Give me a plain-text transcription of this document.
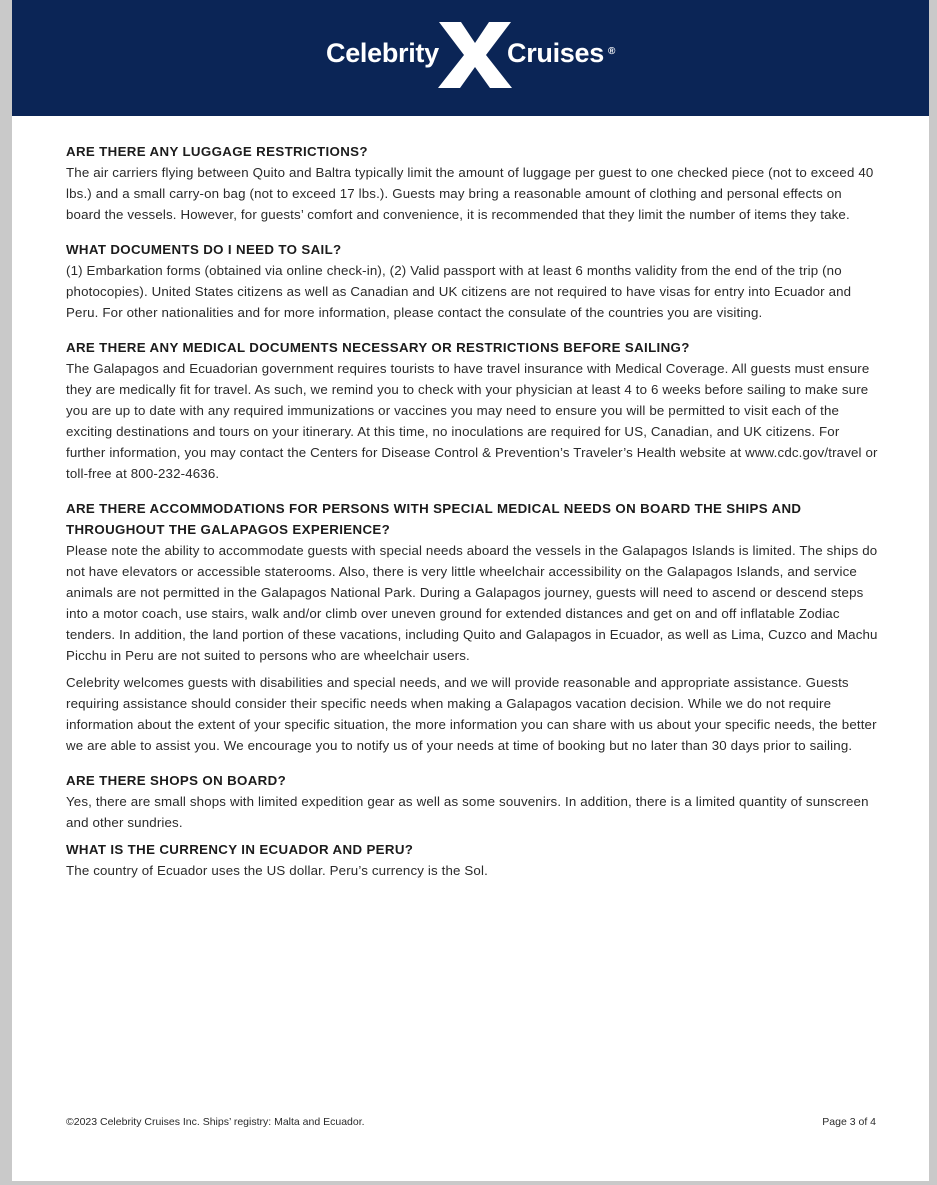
Celebrity	Cruises ®

ARE THERE ANY LUGGAGE RESTRICTIONS?

The air carriers flying between Quito and Baltra typically limit the amount of luggage per guest to one checked piece (not to exceed 40 lbs.) and a small carry-on bag (not to exceed 17 lbs.). Guests may bring a reasonable amount of clothing and personal effects on board the vessels. However, for guests’ comfort and convenience, it is recommended that they limit the number of items they take.

WHAT DOCUMENTS DO I NEED TO SAIL?

(1) Embarkation forms (obtained via online check-in), (2) Valid passport with at least 6 months validity from the end of the trip (no photocopies). United States citizens as well as Canadian and UK citizens are not required to have visas for entry into Ecuador and Peru. For other nationalities and for more information, please contact the consulate of the countries you are visiting.

ARE THERE ANY MEDICAL DOCUMENTS NECESSARY OR RESTRICTIONS BEFORE SAILING?

The Galapagos and Ecuadorian government requires tourists to have travel insurance with Medical Coverage. All guests must ensure they are medically fit for travel. As such, we remind you to check with your physician at least 4 to 6 weeks before sailing to make sure you are up to date with any required immunizations or vaccines you may need to ensure you will be permitted to visit each of the exciting destinations and tours on your itinerary. At this time, no inoculations are required for US, Canadian, and UK citizens. For further information, you may contact the Centers for Disease Control & Prevention’s Traveler’s Health website at www.cdc.gov/travel or toll-free at 800-232-4636.

ARE THERE ACCOMMODATIONS FOR PERSONS WITH SPECIAL MEDICAL NEEDS ON BOARD THE SHIPS AND THROUGHOUT THE GALAPAGOS EXPERIENCE?

Please note the ability to accommodate guests with special needs aboard the vessels in the Galapagos Islands is limited. The ships do not have elevators or accessible staterooms. Also, there is very little wheelchair accessibility on the Galapagos Islands, and service animals are not permitted in the Galapagos National Park. During a Galapagos journey, guests will need to ascend or descend steps into a motor coach, use stairs, walk and/or climb over uneven ground for extended distances and get on and off inflatable Zodiac tenders. In addition, the land portion of these vacations, including Quito and Galapagos in Ecuador, as well as Lima, Cuzco and Machu Picchu in Peru are not suited to persons who are wheelchair users.

Celebrity welcomes guests with disabilities and special needs, and we will provide reasonable and appropriate assistance. Guests requiring assistance should consider their specific needs when making a Galapagos vacation decision. While we do not require information about the extent of your specific situation, the more information you can share with us about your specific needs, the better we are able to assist you. We encourage you to notify us of your needs at time of booking but no later than 30 days prior to sailing.

ARE THERE SHOPS ON BOARD?

Yes, there are small shops with limited expedition gear as well as some souvenirs. In addition, there is a limited quantity of sunscreen and other sundries.

WHAT IS THE CURRENCY IN ECUADOR AND PERU?

The country of Ecuador uses the US dollar. Peru’s currency is the Sol.

©2023 Celebrity Cruises Inc. Ships’ registry: Malta and Ecuador.	Page 3 of 4
